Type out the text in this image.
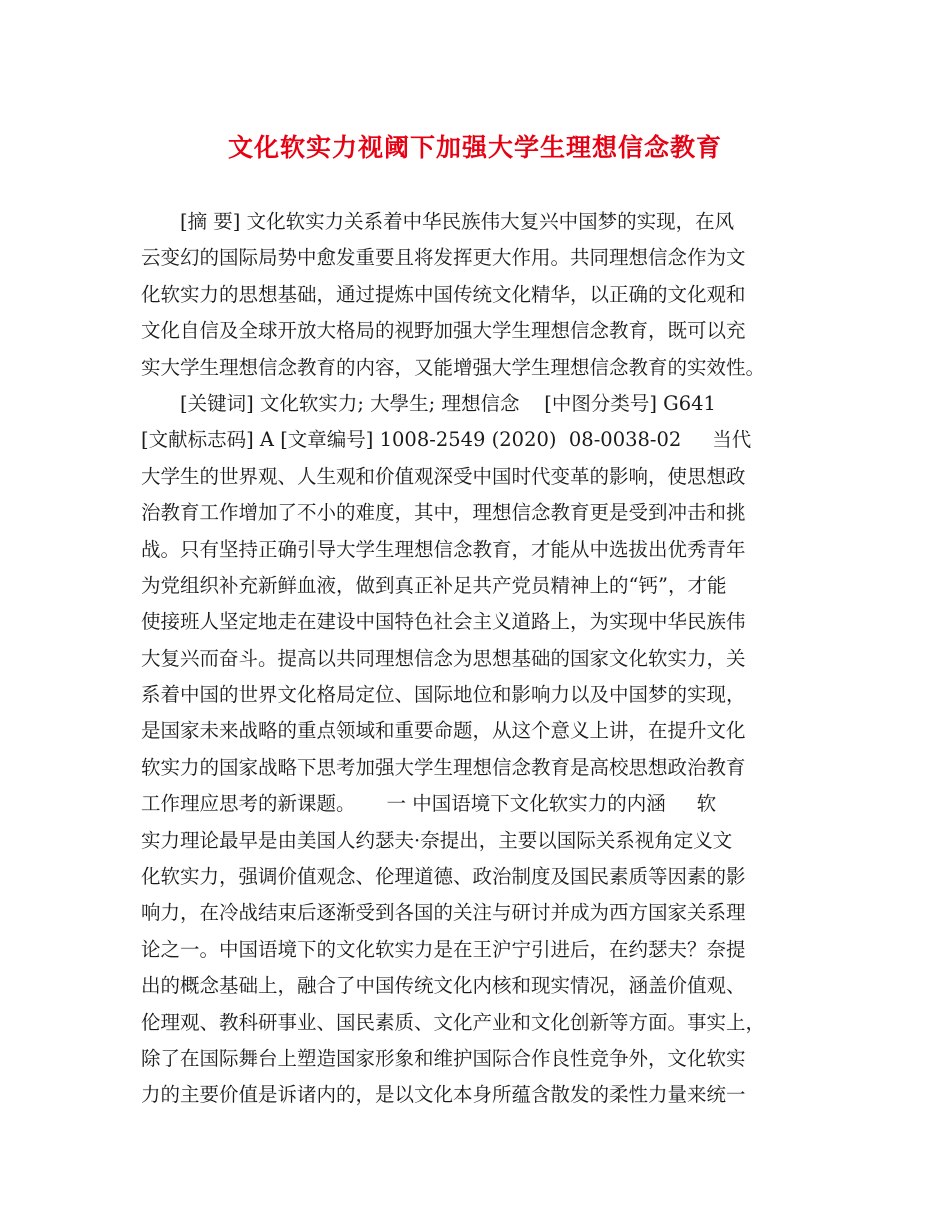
文化软实力视阈下加强大学生理想信念教育
[摘 要] 文化软实力关系着中华民族伟大复兴中国梦的实现，在风
云变幻的国际局势中愈发重要且将发挥更大作用。共同理想信念作为文
化软实力的思想基础，通过提炼中国传统文化精华，以正确的文化观和
文化自信及全球开放大格局的视野加强大学生理想信念教育，既可以充
实大学生理想信念教育的内容，又能增强大学生理想信念教育的实效性。
[关键词] 文化软实力; 大學生; 理想信念    [中图分类号] G641
[文献标志码] A [文章编号] 1008-2549 (2020)  08-0038-02     当代
大学生的世界观、人生观和价值观深受中国时代变革的影响，使思想政
治教育工作增加了不小的难度，其中，理想信念教育更是受到冲击和挑
战。只有坚持正确引导大学生理想信念教育，才能从中选拔出优秀青年
为党组织补充新鲜血液，做到真正补足共产党员精神上的“钙”，才能
使接班人坚定地走在建设中国特色社会主义道路上，为实现中华民族伟
大复兴而奋斗。提高以共同理想信念为思想基础的国家文化软实力，关
系着中国的世界文化格局定位、国际地位和影响力以及中国梦的实现，
是国家未来战略的重点领域和重要命题，从这个意义上讲，在提升文化
软实力的国家战略下思考加强大学生理想信念教育是高校思想政治教育
工作理应思考的新课题。     一 中国语境下文化软实力的内涵     软
实力理论最早是由美国人约瑟夫·奈提出，主要以国际关系视角定义文
化软实力，强调价值观念、伦理道德、政治制度及国民素质等因素的影
响力，在冷战结束后逐渐受到各国的关注与研讨并成为西方国家关系理
论之一。中国语境下的文化软实力是在王沪宁引进后，在约瑟夫？奈提
出的概念基础上，融合了中国传统文化内核和现实情况，涵盖价值观、
伦理观、教科研事业、国民素质、文化产业和文化创新等方面。事实上，
除了在国际舞台上塑造国家形象和维护国际合作良性竞争外，文化软实
力的主要价值是诉诸内的，是以文化本身所蕴含散发的柔性力量来统一
